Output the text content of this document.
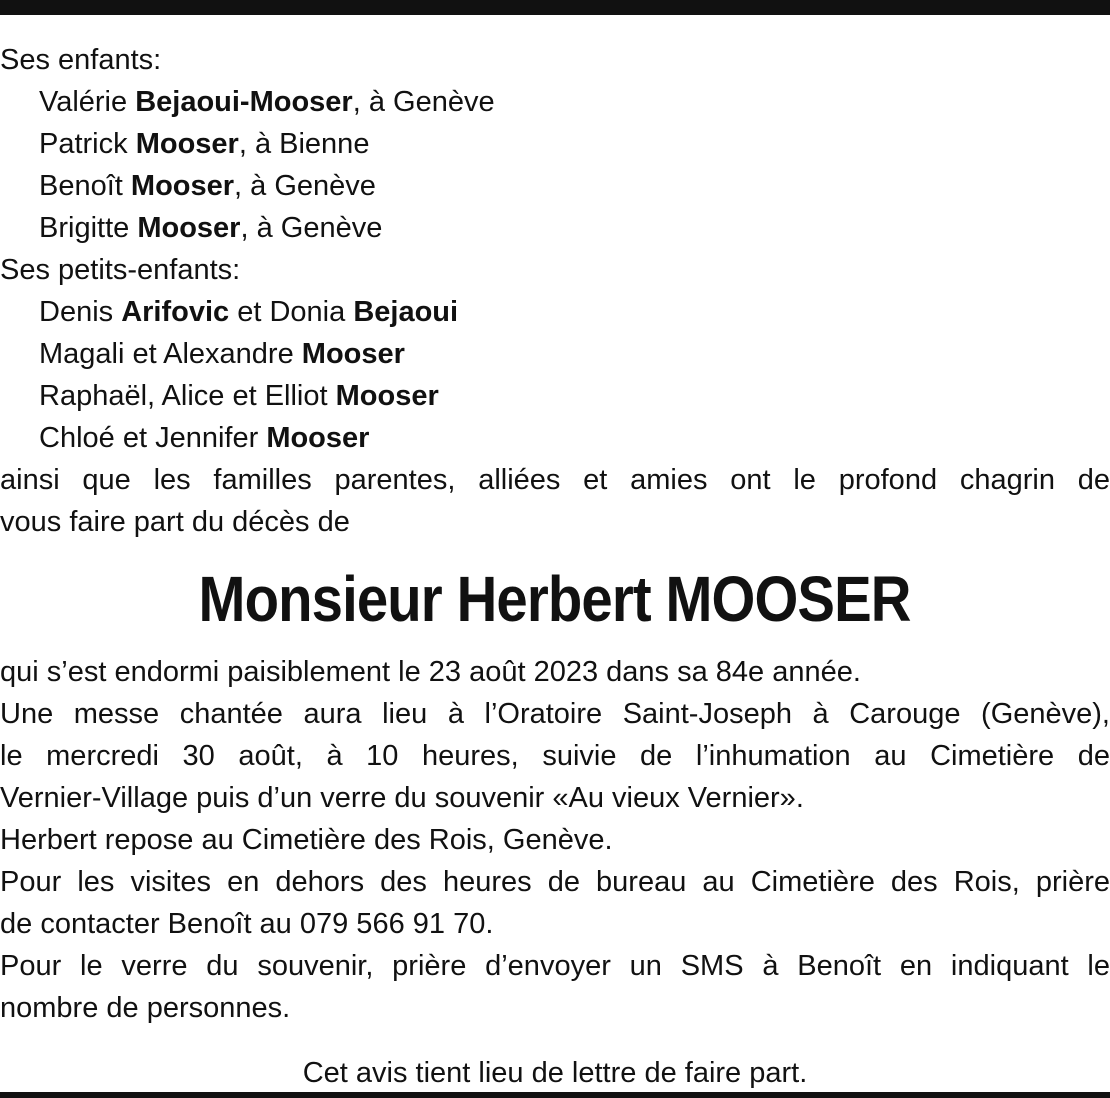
Ses enfants:
Valérie Bejaoui-Mooser, à Genève
Patrick Mooser, à Bienne
Benoît Mooser, à Genève
Brigitte Mooser, à Genève
Ses petits-enfants:
Denis Arifovic et Donia Bejaoui
Magali et Alexandre Mooser
Raphaël, Alice et Elliot Mooser
Chloé et Jennifer Mooser
ainsi que les familles parentes, alliées et amies ont le profond chagrin de
vous faire part du décès de
Monsieur Herbert MOOSER
qui s’est endormi paisiblement le 23 août 2023 dans sa 84e année.
Une messe chantée aura lieu à l’Oratoire Saint-Joseph à Carouge (Genève),
le mercredi 30 août, à 10 heures, suivie de l’inhumation au Cimetière de
Vernier-Village puis d’un verre du souvenir «Au vieux Vernier».
Herbert repose au Cimetière des Rois, Genève.
Pour les visites en dehors des heures de bureau au Cimetière des Rois, prière
de contacter Benoît au 079 566 91 70.
Pour le verre du souvenir, prière d’envoyer un SMS à Benoît en indiquant le
nombre de personnes.
Cet avis tient lieu de lettre de faire part.
